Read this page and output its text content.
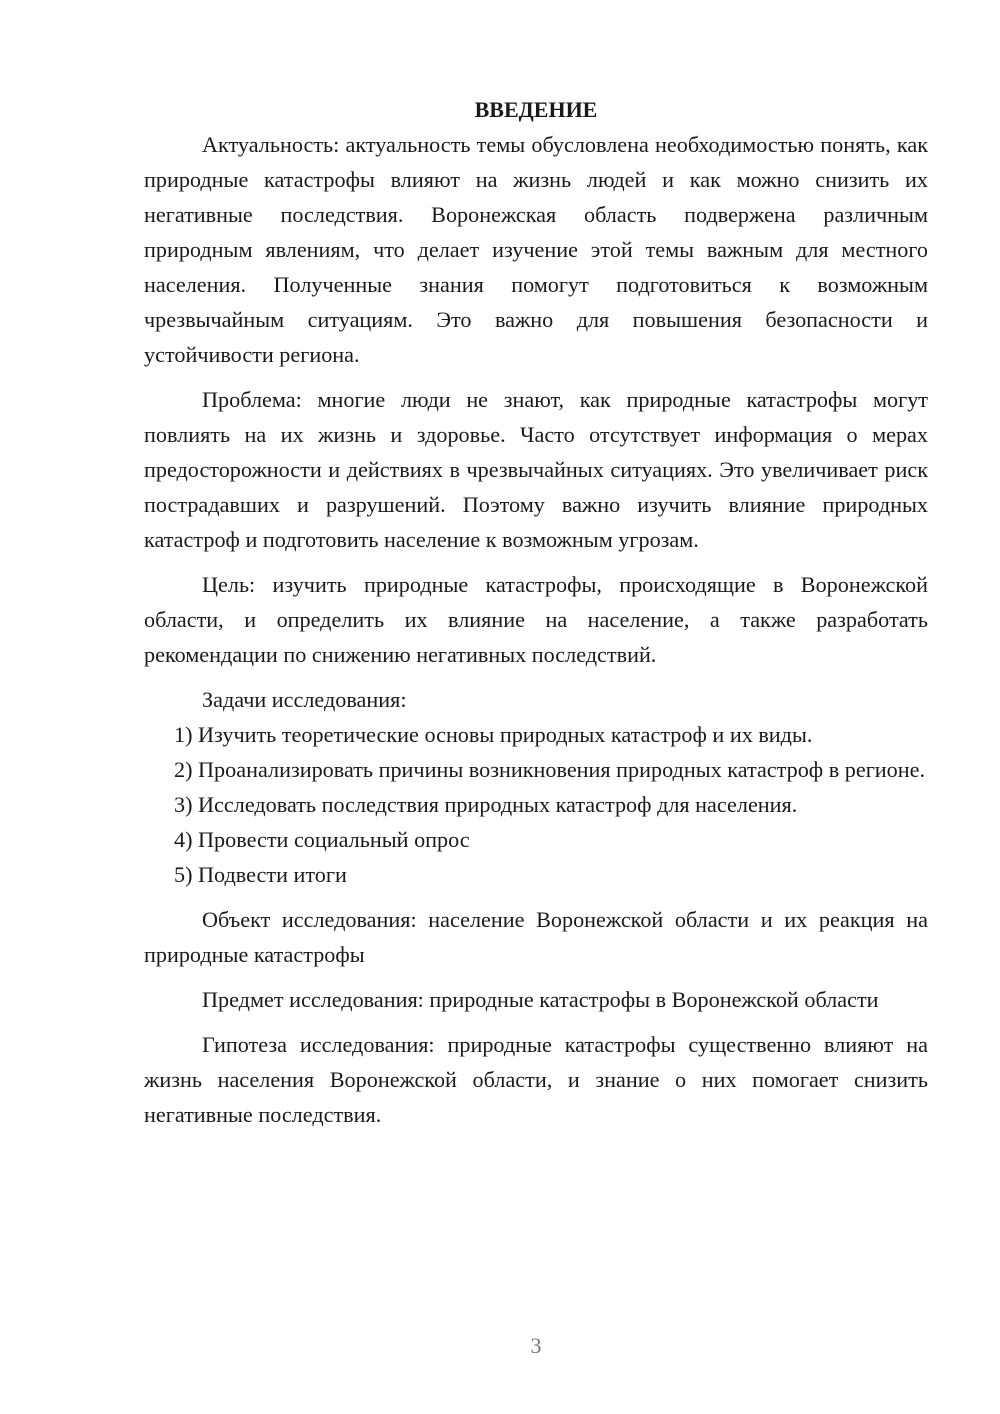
ВВЕДЕНИЕ

Актуальность: актуальность темы обусловлена необходимостью понять, как природные катастрофы влияют на жизнь людей и как можно снизить их негативные последствия. Воронежская область подвержена различным природным явлениям, что делает изучение этой темы важным для местного населения. Полученные знания помогут подготовиться к возможным чрезвычайным ситуациям. Это важно для повышения безопасности и устойчивости региона.

Проблема: многие люди не знают, как природные катастрофы могут повлиять на их жизнь и здоровье. Часто отсутствует информация о мерах предосторожности и действиях в чрезвычайных ситуациях. Это увеличивает риск пострадавших и разрушений. Поэтому важно изучить влияние природных катастроф и подготовить население к возможным угрозам.

Цель: изучить природные катастрофы, происходящие в Воронежской области, и определить их влияние на население, а также разработать рекомендации по снижению негативных последствий.

Задачи исследования:

1) Изучить теоретические основы природных катастроф и их виды.

2) Проанализировать причины возникновения природных катастроф в регионе.

3) Исследовать последствия природных катастроф для населения.

4) Провести социальный опрос

5) Подвести итоги

Объект исследования: население Воронежской области и их реакция на природные катастрофы

Предмет исследования: природные катастрофы в Воронежской области

Гипотеза исследования: природные катастрофы существенно влияют на жизнь населения Воронежской области, и знание о них помогает снизить негативные последствия.

3
